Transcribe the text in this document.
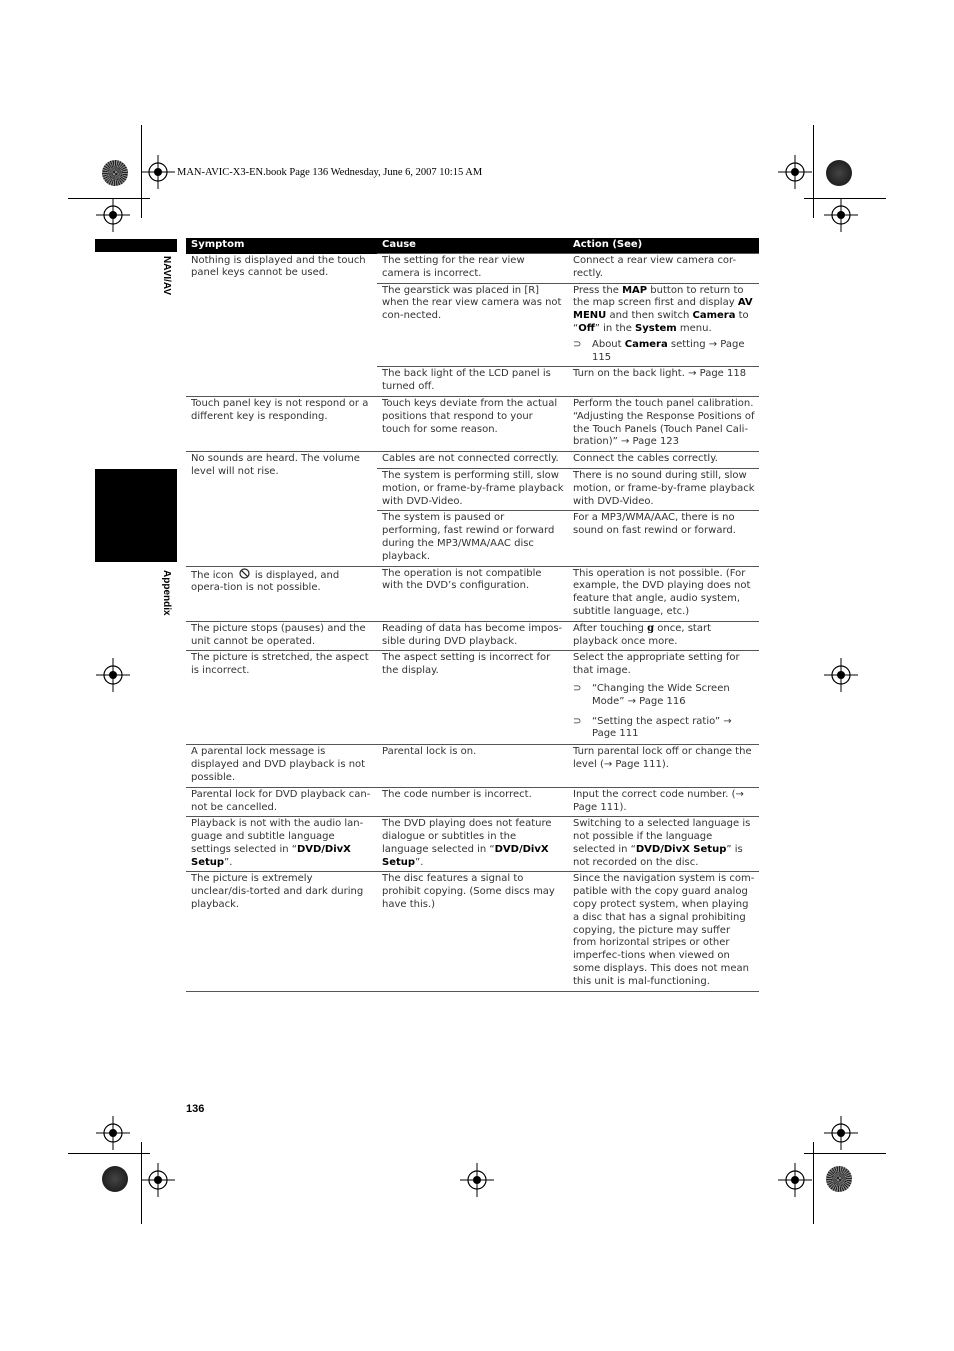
MAN-AVIC-X3-EN.book Page 136 Wednesday, June 6, 2007 10:15 AM
NAVI/AV
Appendix
Symptom	Cause	Action (See)
Nothing is displayed and the touch panel keys cannot be used.	The setting for the rear view camera is incorrect.	Connect a rear view camera cor-rectly.
	The gearstick was placed in [R] when the rear view camera was not con-nected.	Press the MAP button to return to the map screen first and display AV MENU and then switch Camera to “Off” in the System menu.
⊃ About Camera setting → Page 115

	The back light of the LCD panel is turned off.	Turn on the back light. → Page 118
Touch panel key is not respond or a different key is responding.	Touch keys deviate from the actual positions that respond to your touch for some reason.	Perform the touch panel calibration. “Adjusting the Response Positions of the Touch Panels (Touch Panel Cali-bration)” → Page 123
No sounds are heard. The volume level will not rise.	Cables are not connected correctly.	Connect the cables correctly.
	The system is performing still, slow motion, or frame-by-frame playback with DVD-Video.	There is no sound during still, slow motion, or frame-by-frame playback with DVD-Video.
	The system is paused or performing, fast rewind or forward during the MP3/WMA/AAC disc playback.	For a MP3/WMA/AAC, there is no sound on fast rewind or forward.
The icon  is displayed, and opera-tion is not possible.	The operation is not compatible with the DVD’s configuration.	This operation is not possible. (For example, the DVD playing does not feature that angle, audio system, subtitle language, etc.)
The picture stops (pauses) and the unit cannot be operated.	Reading of data has become impos-sible during DVD playback.	After touching g once, start playback once more.
The picture is stretched, the aspect is incorrect.	The aspect setting is incorrect for the display.	Select the appropriate setting for that image.
⊃ “Changing the Wide Screen Mode” → Page 116
⊃ “Setting the aspect ratio” → Page 111

A parental lock message is displayed and DVD playback is not possible.	Parental lock is on.	Turn parental lock off or change the level (→ Page 111).
Parental lock for DVD playback can-not be cancelled.	The code number is incorrect.	Input the correct code number. (→ Page 111).
Playback is not with the audio lan-guage and subtitle language settings selected in “DVD/DivX Setup”.	The DVD playing does not feature dialogue or subtitles in the language selected in “DVD/DivX Setup”.	Switching to a selected language is not possible if the language selected in “DVD/DivX Setup” is not recorded on the disc.
The picture is extremely unclear/dis-torted and dark during playback.	The disc features a signal to prohibit copying. (Some discs may have this.)	Since the navigation system is com-patible with the copy guard analog copy protect system, when playing a disc that has a signal prohibiting copying, the picture may suffer from horizontal stripes or other imperfec-tions when viewed on some displays. This does not mean this unit is mal-functioning.
136
